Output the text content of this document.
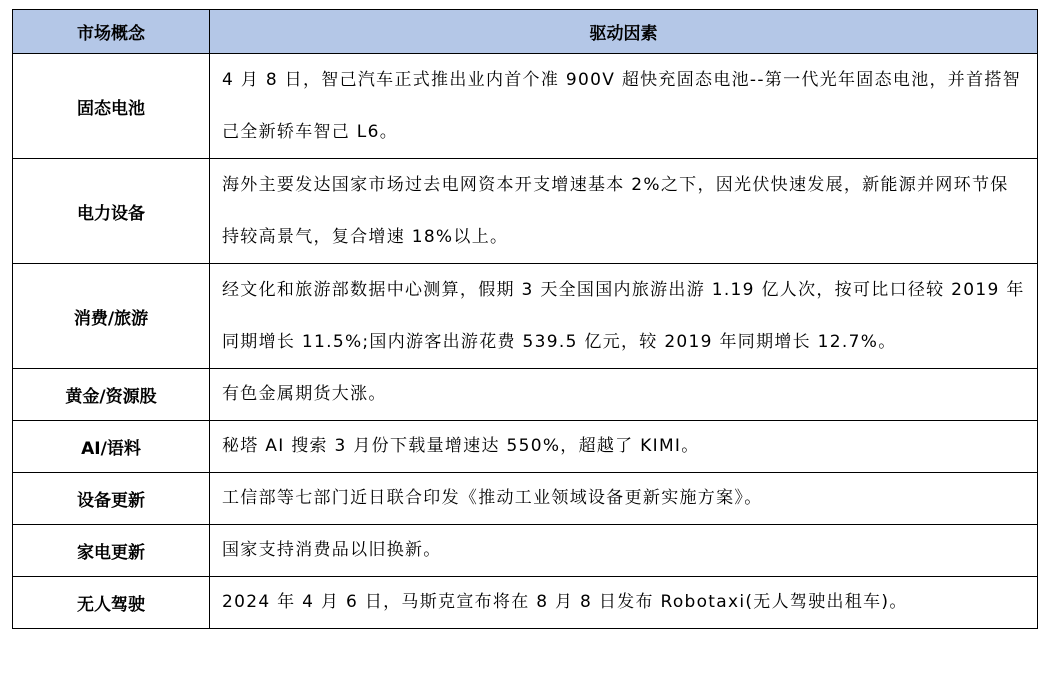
市场概念	驱动因素
固态电池	4 月 8 日，智己汽车正式推出业内首个准 900V 超快充固态电池--第一代光年固态电池，并首搭智己全新轿车智己 L6。
电力设备	海外主要发达国家市场过去电网资本开支增速基本 2%之下，因光伏快速发展，新能源并网环节保持较高景气，复合增速 18%以上。
消费/旅游	经文化和旅游部数据中心测算，假期 3 天全国国内旅游出游 1.19 亿人次，按可比口径较 2019 年同期增长 11.5%;国内游客出游花费 539.5 亿元，较 2019 年同期增长 12.7%。
黄金/资源股	有色金属期货大涨。
AI/语料	秘塔 AI 搜索 3 月份下载量增速达 550%，超越了 KIMI。
设备更新	工信部等七部门近日联合印发《推动工业领域设备更新实施方案》。
家电更新	国家支持消费品以旧换新。
无人驾驶	2024 年 4 月 6 日，马斯克宣布将在 8 月 8 日发布 Robotaxi(无人驾驶出租车)。
